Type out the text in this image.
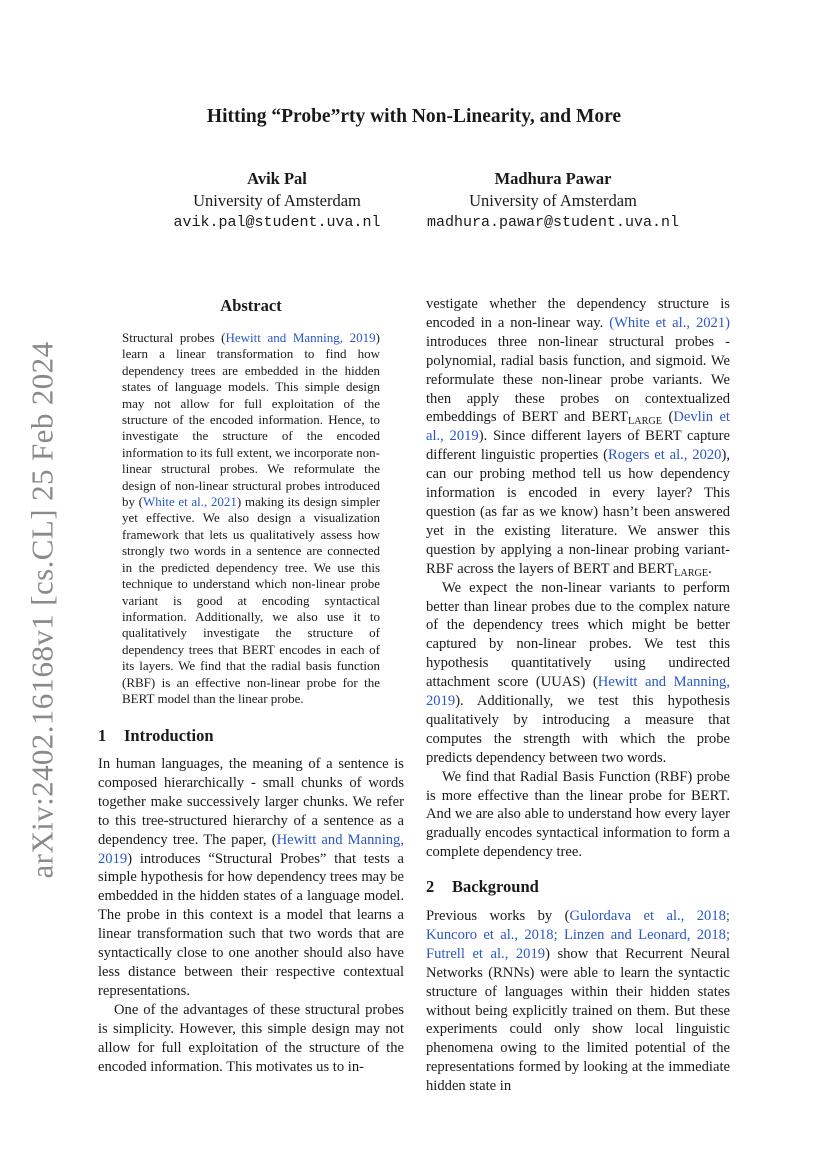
arXiv:2402.16168v1 [cs.CL] 25 Feb 2024
Hitting “Probe”rty with Non-Linearity, and More
Avik Pal
University of Amsterdam
avik.pal@student.uva.nl
Madhura Pawar
University of Amsterdam
madhura.pawar@student.uva.nl
Abstract
Structural probes (Hewitt and Manning, 2019) learn a linear transformation to find how dependency trees are embedded in the hidden states of language models. This simple design may not allow for full exploitation of the structure of the encoded information. Hence, to investigate the structure of the encoded information to its full extent, we incorporate non-linear structural probes. We reformulate the design of non-linear structural probes introduced by (White et al., 2021) making its design simpler yet effective. We also design a visualization framework that lets us qualitatively assess how strongly two words in a sentence are connected in the predicted dependency tree. We use this technique to understand which non-linear probe variant is good at encoding syntactical information. Additionally, we also use it to qualitatively investigate the structure of dependency trees that BERT encodes in each of its layers. We find that the radial basis function (RBF) is an effective non-linear probe for the BERT model than the linear probe.
1 Introduction

In human languages, the meaning of a sentence is composed hierarchically - small chunks of words together make successively larger chunks. We refer to this tree-structured hierarchy of a sentence as a dependency tree. The paper, (Hewitt and Manning, 2019) introduces “Structural Probes” that tests a simple hypothesis for how dependency trees may be embedded in the hidden states of a language model. The probe in this context is a model that learns a linear transformation such that two words that are syntactically close to one another should also have less distance between their respective contextual representations.

One of the advantages of these structural probes is simplicity. However, this simple design may not allow for full exploitation of the structure of the encoded information. This motivates us to in-

vestigate whether the dependency structure is encoded in a non-linear way. (White et al., 2021) introduces three non-linear structural probes - polynomial, radial basis function, and sigmoid. We reformulate these non-linear probe variants. We then apply these probes on contextualized embeddings of BERT and $BERT_{LARGE}$ (Devlin et al., 2019). Since different layers of BERT capture different linguistic properties (Rogers et al., 2020), can our probing method tell us how dependency information is encoded in every layer? This question (as far as we know) hasn’t been answered yet in the existing literature. We answer this question by applying a non-linear probing variant-RBF across the layers of BERT and $BERT_{LARGE}$.

We expect the non-linear variants to perform better than linear probes due to the complex nature of the dependency trees which might be better captured by non-linear probes. We test this hypothesis quantitatively using undirected attachment score (UUAS) (Hewitt and Manning, 2019). Additionally, we test this hypothesis qualitatively by introducing a measure that computes the strength with which the probe predicts dependency between two words.

We find that Radial Basis Function (RBF) probe is more effective than the linear probe for BERT. And we are also able to understand how every layer gradually encodes syntactical information to form a complete dependency tree.

2 Background

Previous works by (Gulordava et al., 2018; Kuncoro et al., 2018; Linzen and Leonard, 2018; Futrell et al., 2019) show that Recurrent Neural Networks (RNNs) were able to learn the syntactic structure of languages within their hidden states without being explicitly trained on them. But these experiments could only show local linguistic phenomena owing to the limited potential of the representations formed by looking at the immediate hidden state in
